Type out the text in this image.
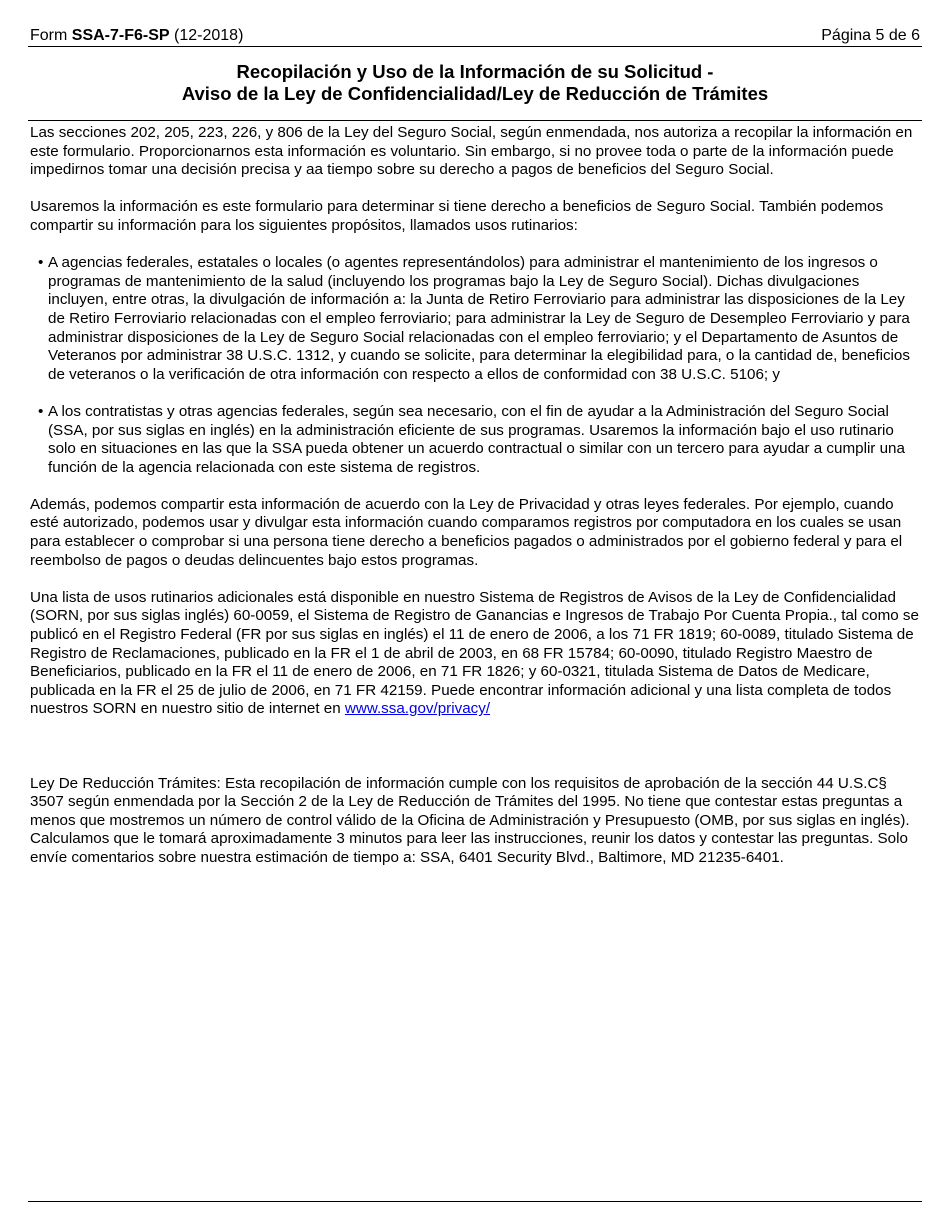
Form SSA-7-F6-SP (12-2018)	Página 5 de 6
Recopilación y Uso de la Información de su Solicitud -
Aviso de la Ley de Confidencialidad/Ley de Reducción de Trámites

Las secciones 202, 205, 223, 226, y 806 de la Ley del Seguro Social, según enmendada, nos autoriza a recopilar la información en este formulario. Proporcionarnos esta información es voluntario. Sin embargo, si no provee toda o parte de la información puede impedirnos tomar una decisión precisa y aa tiempo sobre su derecho a pagos de beneficios del Seguro Social.

Usaremos la información es este formulario para determinar si tiene derecho a beneficios de Seguro Social. También podemos compartir su información para los siguientes propósitos, llamados usos rutinarios:

• A agencias federales, estatales o locales (o agentes representándolos) para administrar el mantenimiento de los ingresos o programas de mantenimiento de la salud (incluyendo los programas bajo la Ley de Seguro Social). Dichas divulgaciones incluyen, entre otras, la divulgación de información a: la Junta de Retiro Ferroviario para administrar las disposiciones de la Ley de Retiro Ferroviario relacionadas con el empleo ferroviario; para administrar la Ley de Seguro de Desempleo Ferroviario y para administrar disposiciones de la Ley de Seguro Social relacionadas con el empleo ferroviario; y el Departamento de Asuntos de Veteranos por administrar 38 U.S.C. 1312, y cuando se solicite, para determinar la elegibilidad para, o la cantidad de, beneficios de veteranos o la verificación de otra información con respecto a ellos de conformidad con 38 U.S.C. 5106; y
• A los contratistas y otras agencias federales, según sea necesario, con el fin de ayudar a la Administración del Seguro Social (SSA, por sus siglas en inglés) en la administración eficiente de sus programas. Usaremos la información bajo el uso rutinario solo en situaciones en las que la SSA pueda obtener un acuerdo contractual o similar con un tercero para ayudar a cumplir una función de la agencia relacionada con este sistema de registros.

Además, podemos compartir esta información de acuerdo con la Ley de Privacidad y otras leyes federales. Por ejemplo, cuando esté autorizado, podemos usar y divulgar esta información cuando comparamos registros por computadora en los cuales se usan para establecer o comprobar si una persona tiene derecho a beneficios pagados o administrados por el gobierno federal y para el reembolso de pagos o deudas delincuentes bajo estos programas.

Una lista de usos rutinarios adicionales está disponible en nuestro Sistema de Registros de Avisos de la Ley de Confidencialidad (SORN, por sus siglas inglés) 60-0059, el Sistema de Registro de Ganancias e Ingresos de Trabajo Por Cuenta Propia., tal como se publicó en el Registro Federal (FR por sus siglas en inglés) el 11 de enero de 2006, a los 71 FR 1819; 60-0089, titulado Sistema de Registro de Reclamaciones, publicado en la FR el 1 de abril de 2003, en 68 FR 15784; 60-0090, titulado Registro Maestro de Beneficiarios, publicado en la FR el 11 de enero de 2006, en 71 FR 1826; y 60-0321, titulada Sistema de Datos de Medicare, publicada en la FR el 25 de julio de 2006, en 71 FR 42159. Puede encontrar información adicional y una lista completa de todos nuestros SORN en nuestro sitio de internet en www.ssa.gov/privacy/

Ley De Reducción Trámites: Esta recopilación de información cumple con los requisitos de aprobación de la sección 44 U.S.C§ 3507 según enmendada por la Sección 2 de la Ley de Reducción de Trámites del 1995. No tiene que contestar estas preguntas a menos que mostremos un número de control válido de la Oficina de Administración y Presupuesto (OMB, por sus siglas en inglés). Calculamos que le tomará aproximadamente 3 minutos para leer las instrucciones, reunir los datos y contestar las preguntas. Solo envíe comentarios sobre nuestra estimación de tiempo a: SSA, 6401 Security Blvd., Baltimore, MD 21235-6401.
